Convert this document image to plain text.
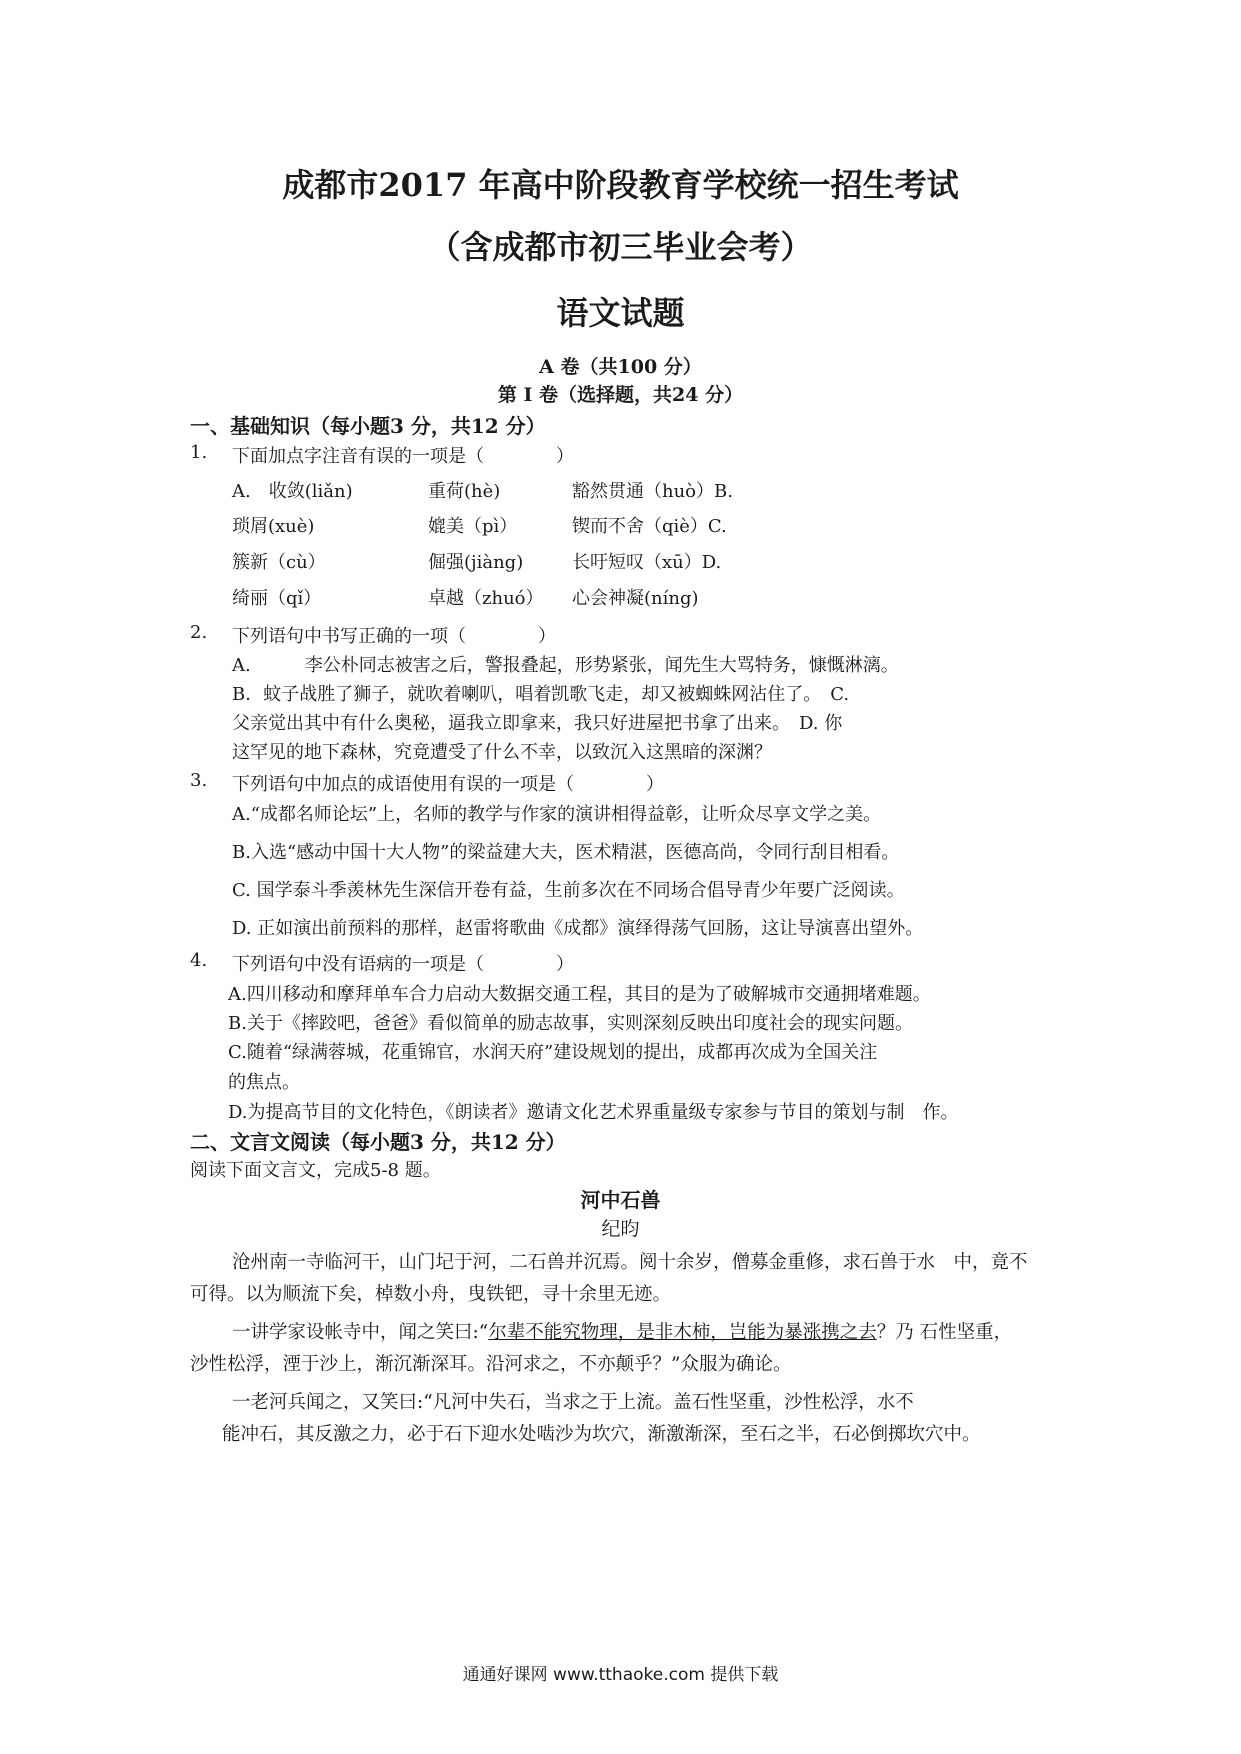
成都市2017 年高中阶段教育学校统一招生考试
（含成都市初三毕业会考）
语文试题
A 卷（共100 分）
第 I 卷（选择题，共24 分）
一、基础知识（每小题3 分，共12 分）
1. 下面加点字注音有误的一项是（　　　　）
A.　收敛(liǎn)	重荷(hè)	豁然贯通（huò）B.
琐屑(xuè)	媲美（pì）	锲而不舍（qiè）C.
簇新（cù）	倔强(jiàng)	长吁短叹（xū）D.
绮丽（qǐ）	卓越（zhuó） 心会神凝(níng)
2. 下列语句中书写正确的一项（　　　　）
A.　　　李公朴同志被害之后，警报叠起，形势紧张，闻先生大骂特务，慷慨淋漓。
B．蚊子战胜了狮子，就吹着喇叭，唱着凯歌飞走，却又被蜘蛛网沾住了。　C.
父亲觉出其中有什么奥秘，逼我立即拿来，我只好进屋把书拿了出来。　D. 你
这罕见的地下森林，究竟遭受了什么不幸，以致沉入这黑暗的深渊？
3. 下列语句中加点的成语使用有误的一项是（　　　　）
A.“成都名师论坛”上，名师的教学与作家的演讲相得益彰，让听众尽享文学之美。
B.入选“感动中国十大人物”的梁益建大夫，医术精湛，医德高尚，令同行刮目相看。
C. 国学泰斗季羡林先生深信开卷有益，生前多次在不同场合倡导青少年要广泛阅读。
D. 正如演出前预料的那样，赵雷将歌曲《成都》演绎得荡气回肠，这让导演喜出望外。
4. 下列语句中没有语病的一项是（　　　　）
A.四川移动和摩拜单车合力启动大数据交通工程，其目的是为了破解城市交通拥堵难题。
B.关于《摔跤吧，爸爸》看似简单的励志故事，实则深刻反映出印度社会的现实问题。
C.随着“绿满蓉城，花重锦官，水润天府”建设规划的提出，成都再次成为全国关注
的焦点。
D.为提高节目的文化特色，《朗读者》邀请文化艺术界重量级专家参与节目的策划与制　作。
二、文言文阅读（每小题3 分，共12 分）
阅读下面文言文，完成5-8 题。
河中石兽
纪昀
沧州南一寺临河干，山门圮于河，二石兽并沉焉。阅十余岁，僧募金重修，求石兽于水　中，竟不
可得。以为顺流下矣，棹数小舟，曳铁钯，寻十余里无迹。
一讲学家设帐寺中，闻之笑曰:“尔辈不能究物理，是非木柿，岂能为暴涨携之去？乃 石性坚重，
沙性松浮，湮于沙上，渐沉渐深耳。沿河求之，不亦颠乎？”众服为确论。
一老河兵闻之，又笑曰:“凡河中失石，当求之于上流。盖石性坚重，沙性松浮，水不
能冲石，其反激之力，必于石下迎水处啮沙为坎穴，渐激渐深，至石之半，石必倒掷坎穴中。
通通好课网 www.tthaoke.com 提供下载
